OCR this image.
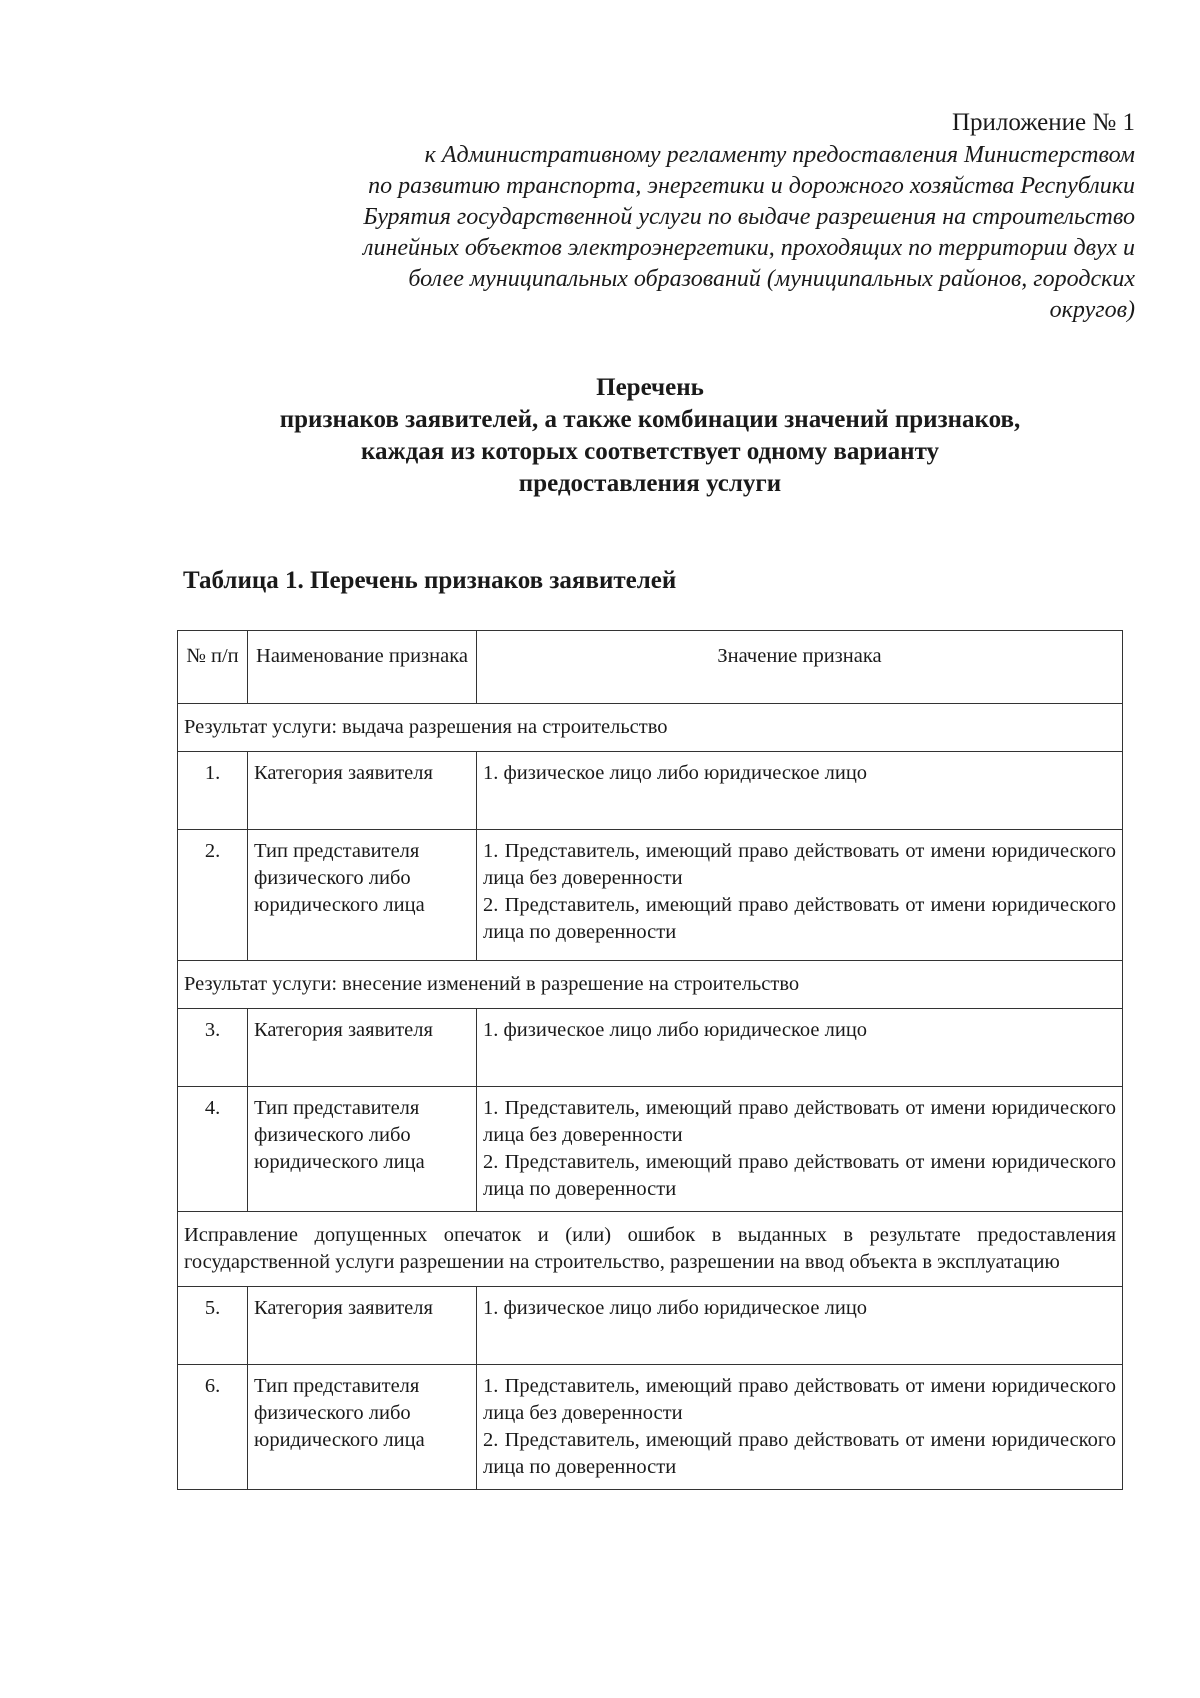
Приложение № 1
к Административному регламенту предоставления Министерством
по развитию транспорта, энергетики и дорожного хозяйства Республики
Бурятия государственной услуги по выдаче разрешения на строительство
линейных объектов электроэнергетики, проходящих по территории двух и
более муниципальных образований (муниципальных районов, городских
округов)
Перечень
признаков заявителей, а также комбинации значений признаков,
каждая из которых соответствует одному варианту
предоставления услуги
Таблица 1. Перечень признаков заявителей
№ п/п	Наименование признака	Значение признака
Результат услуги: выдача разрешения на строительство		
1.	Категория заявителя	1. физическое лицо либо юридическое лицо

2.	Тип представителя физического либо юридического лица	1. Представитель, имеющий право действовать от имени юридического лица без доверенности
2. Представитель, имеющий право действовать от имени юридического лица по доверенности

Результат услуги: внесение изменений в разрешение на строительство		
3.	Категория заявителя	1. физическое лицо либо юридическое лицо

4.	Тип представителя физического либо юридического лица	1. Представитель, имеющий право действовать от имени юридического лица без доверенности
2. Представитель, имеющий право действовать от имени юридического лица по доверенности

Исправление допущенных опечаток и (или) ошибок в выданных в результате предоставления государственной услуги разрешении на строительство, разрешении на ввод объекта в эксплуатацию		
5.	Категория заявителя	1. физическое лицо либо юридическое лицо

6.	Тип представителя физического либо юридического лица	1. Представитель, имеющий право действовать от имени юридического лица без доверенности
2. Представитель, имеющий право действовать от имени юридического лица по доверенности
